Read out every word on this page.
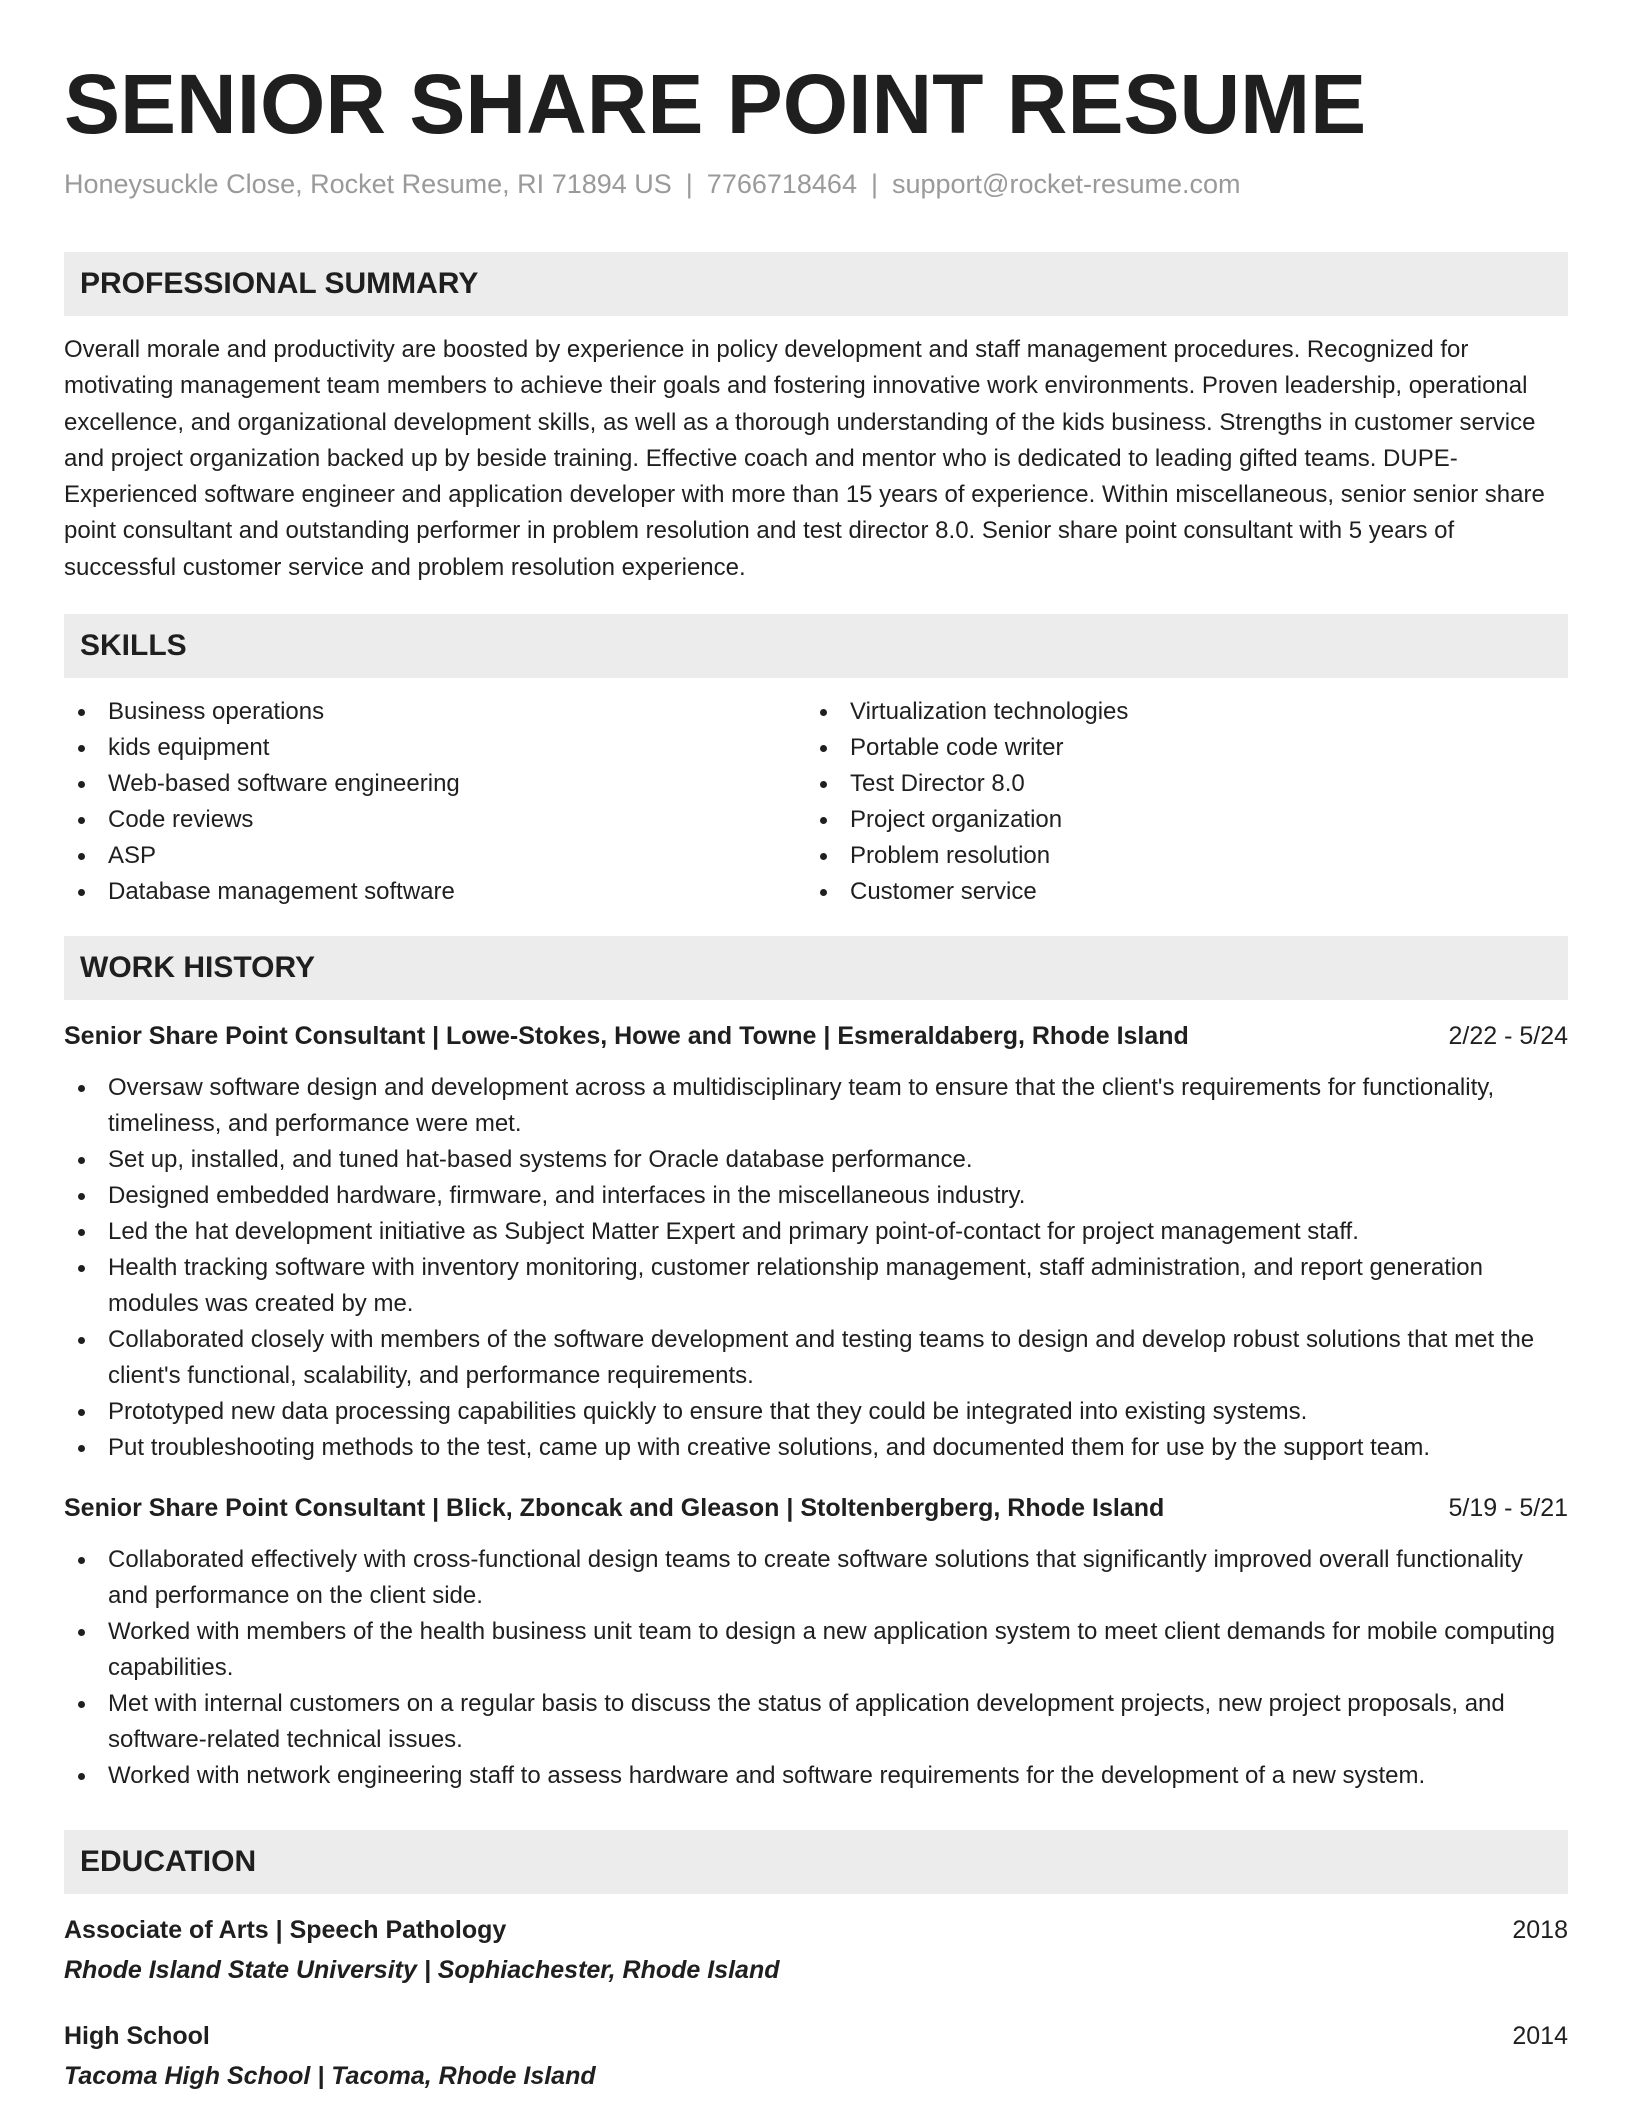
SENIOR SHARE POINT RESUME
Honeysuckle Close, Rocket Resume, RI 71894 US | 7766718464 | support@rocket-resume.com
PROFESSIONAL SUMMARY
Overall morale and productivity are boosted by experience in policy development and staff management procedures. Recognized for motivating management team members to achieve their goals and fostering innovative work environments. Proven leadership, operational excellence, and organizational development skills, as well as a thorough understanding of the kids business. Strengths in customer service and project organization backed up by beside training. Effective coach and mentor who is dedicated to leading gifted teams. DUPE- Experienced software engineer and application developer with more than 15 years of experience. Within miscellaneous, senior senior share point consultant and outstanding performer in problem resolution and test director 8.0. Senior share point consultant with 5 years of successful customer service and problem resolution experience.
SKILLS
Business operations
kids equipment
Web-based software engineering
Code reviews
ASP
Database management software
Virtualization technologies
Portable code writer
Test Director 8.0
Project organization
Problem resolution
Customer service
WORK HISTORY
Senior Share Point Consultant | Lowe-Stokes, Howe and Towne | Esmeraldaberg, Rhode Island	2/22 - 5/24
Oversaw software design and development across a multidisciplinary team to ensure that the client's requirements for functionality, timeliness, and performance were met.
Set up, installed, and tuned hat-based systems for Oracle database performance.
Designed embedded hardware, firmware, and interfaces in the miscellaneous industry.
Led the hat development initiative as Subject Matter Expert and primary point-of-contact for project management staff.
Health tracking software with inventory monitoring, customer relationship management, staff administration, and report generation modules was created by me.
Collaborated closely with members of the software development and testing teams to design and develop robust solutions that met the client's functional, scalability, and performance requirements.
Prototyped new data processing capabilities quickly to ensure that they could be integrated into existing systems.
Put troubleshooting methods to the test, came up with creative solutions, and documented them for use by the support team.
Senior Share Point Consultant | Blick, Zboncak and Gleason | Stoltenbergberg, Rhode Island	5/19 - 5/21
Collaborated effectively with cross-functional design teams to create software solutions that significantly improved overall functionality and performance on the client side.
Worked with members of the health business unit team to design a new application system to meet client demands for mobile computing capabilities.
Met with internal customers on a regular basis to discuss the status of application development projects, new project proposals, and software-related technical issues.
Worked with network engineering staff to assess hardware and software requirements for the development of a new system.
EDUCATION
Associate of Arts | Speech Pathology	2018
Rhode Island State University | Sophiachester, Rhode Island
High School	2014
Tacoma High School | Tacoma, Rhode Island
